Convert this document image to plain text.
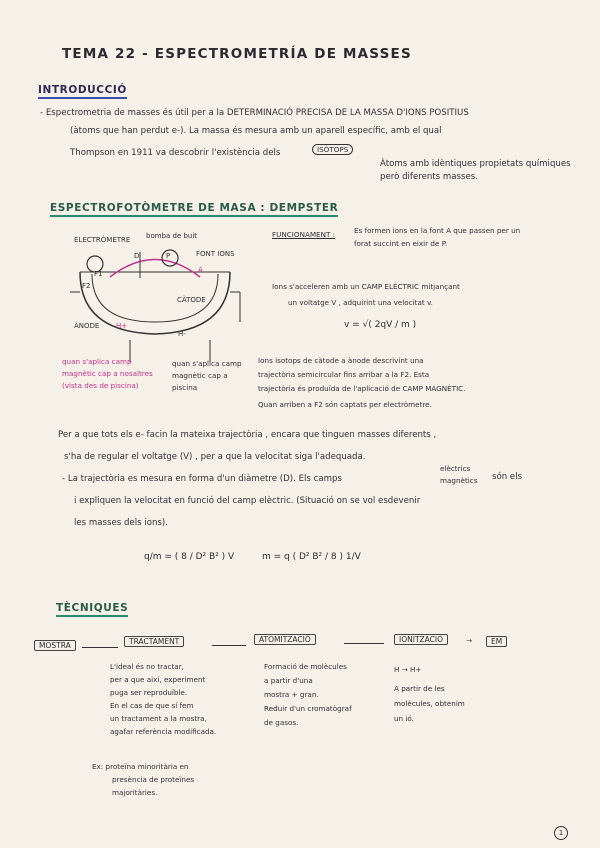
TEMA 22 - ESPECTROMETRÍA DE MASSES
INTRODUCCIÓ
- Espectrometria de masses és útil per a la DETERMINACIÓ PRECISA DE LA MASSA D'IONS POSITIUS
(àtoms que han perdut e-). La massa és mesura amb un aparell específic, amb el qual
Thompson en 1911 va descobrir l'existència dels	ISÒTOPS
Àtoms amb idèntiques propietats químiques però diferents masses.
ESPECTROFOTÒMETRE DE MASA : DEMPSTER
ELECTRÒMETRE bomba de buit
FONT IONS
CÀTODE
ÀNODE H+
H-
D	P
A
F1
F2
quan s'aplica camp magnètic cap a nosaltres (vista des de piscina)
quan s'aplica camp magnètic cap a piscina
FUNCIONAMENT :	Es formen ions en la font A que passen per un forat succint en eixir de P.
Ions s'acceleren amb un CAMP ELÈCTRIC mitjançant
un voltatge V , adquirint una velocitat v.
v = √( 2qV / m )
Ions isotops de càtode a ànode descrivint una
trajectòria semicircular fins arribar a la F2. Esta
trajectòria és produïda de l'aplicació de CAMP MAGNÈTIC.
Quan arriben a F2 són captats per electròmetre.
Per a que tots els e- facin la mateixa trajectòria , encara que tinguen masses diferents ,
s'ha de regular el voltatge (V) , per a que la velocitat siga l'adequada.
- La trajectòria es mesura en forma d'un diàmetre (D). Els camps
elèctrics
magnètics són els
i expliquen la velocitat en funció del camp elèctric. (Situació on se vol esdevenir
les masses dels ions).
q/m = ( 8 / D² B² ) V	m = q ( D² B² / 8 ) 1/V
TÈCNIQUES
MOSTRA	TRACTAMENT	ATOMITZACIÓ	IONITZACIÓ	→	EM
L'ideal és no tractar,
per a que així, experiment
puga ser reproduïble.
En el cas de que sí fem
un tractament a la mostra,
agafar referència modificada.
Ex: proteïna minoritària en
presència de proteïnes
majoritàries.
Formació de molècules
a partir d'una
mostra + gran.
Reduir d'un cromatògraf
de gasos.
H → H+
A partir de les
molècules, obtenim
un ió.
1
